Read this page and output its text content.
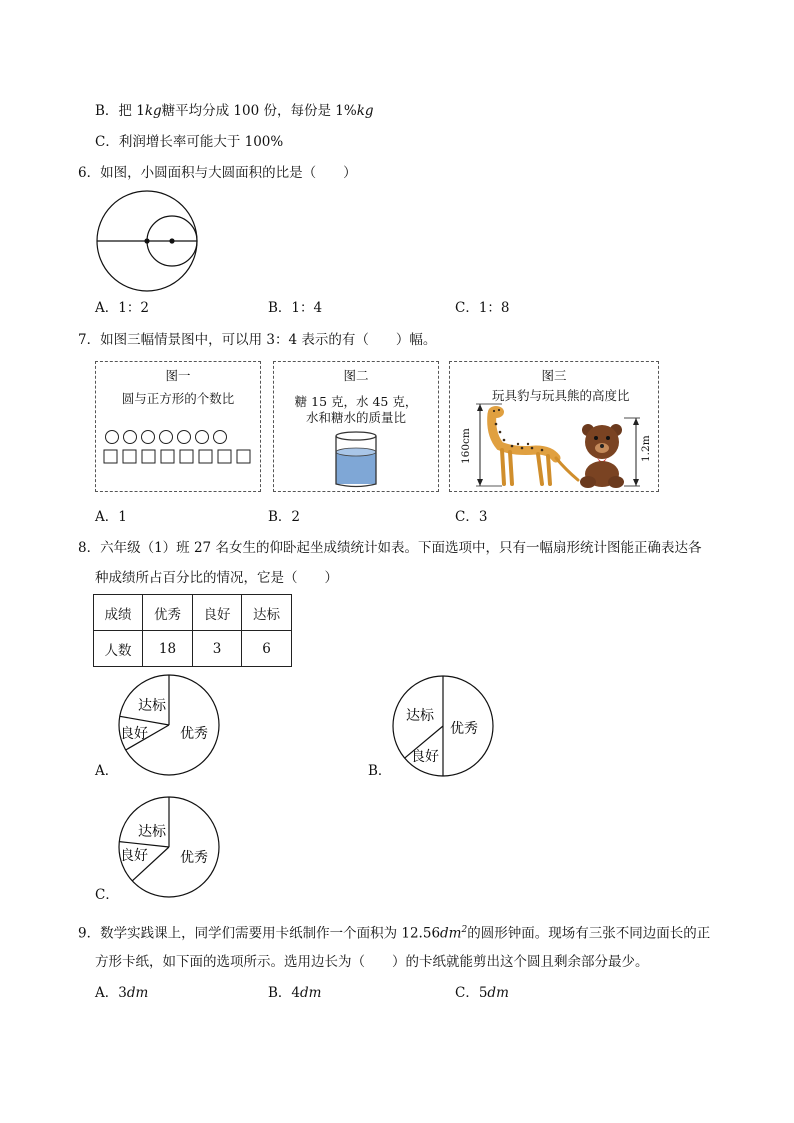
B．把 1kg糖平均分成 100 份，每份是 1%kg
C．利润增长率可能大于 100%
6．如图，小圆面积与大圆面积的比是（　　）
A．1：2	B．1：4	C．1：8
7．如图三幅情景图中，可以用 3：4 表示的有（　　）幅。
图一
圆与正方形的个数比
图二
糖 15 克，水 45 克，
水和糖水的质量比
图三
玩具豹与玩具熊的高度比
160cm	1.2m
A．1	B．2	C．3
8．六年级（1）班 27 名女生的仰卧起坐成绩统计如表。下面选项中，只有一幅扇形统计图能正确表达各
种成绩所占百分比的情况，它是（　　）
成绩	优秀	良好	达标
人数	18	3	6
达标
良好 优秀
A．
达标
良好
优秀
B．
达标
良好 优秀
C．
9．数学实践课上，同学们需要用卡纸制作一个面积为 $12.56dm^2$的圆形钟面。现场有三张不同边面长的正
方形卡纸，如下面的选项所示。选用边长为（　　）的卡纸就能剪出这个圆且剩余部分最少。
A．3dm	B．4dm	C．5dm
